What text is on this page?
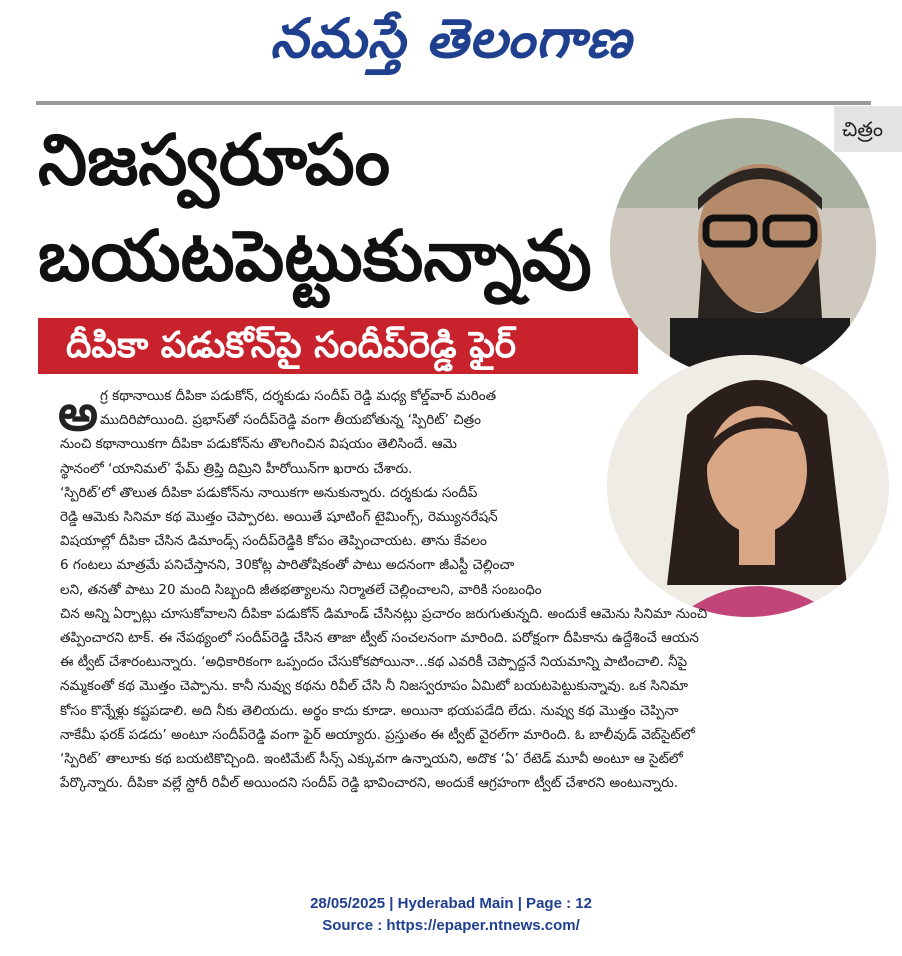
నమస్తే తెలంగాణ
చిత్రం
నిజస్వరూపం
బయటపెట్టుకున్నావు
దీపికా పడుకోన్‌పై సందీప్‌రెడ్డి ఫైర్
అ గ్ర కథానాయిక దీపికా పడుకోన్, దర్శకుడు సందీప్ రెడ్డి మధ్య కోల్డ్‌వార్ మరింత
ముదిరిపోయింది. ప్రభాస్‌తో సందీప్‌రెడ్డి వంగా తీయబోతున్న ‘స్పిరిట్’ చిత్రం
నుంచి కథానాయికగా దీపికా పడుకోన్‌ను తొలగించిన విషయం తెలిసిందే. ఆమె
స్థానంలో ‘యానిమల్’ ఫేమ్ త్రిప్తి దిమ్రిని హీరోయిన్‌గా ఖరారు చేశారు.
‘స్పిరిట్’లో తొలుత దీపికా పడుకోన్‌ను నాయికగా అనుకున్నారు. దర్శకుడు సందీప్
రెడ్డి ఆమెకు సినిమా కథ మొత్తం చెప్పారట. అయితే షూటింగ్ టైమింగ్స్, రెమ్యునరేషన్
విషయాల్లో దీపికా చేసిన డిమాండ్స్ సందీప్‌రెడ్డికి కోపం తెప్పించాయట. తాను కేవలం
6 గంటలు మాత్రమే పనిచేస్తానని, 30కోట్ల పారితోషికంతో పాటు అదనంగా జీఎస్టీ చెల్లించా
లని, తనతో పాటు 20 మంది సిబ్బంది జీతభత్యాలను నిర్మాతలే చెల్లించాలని, వారికి సంబంధిం
చిన అన్ని ఏర్పాట్లు చూసుకోవాలని దీపికా పడుకోన్ డిమాండ్ చేసినట్లు ప్రచారం జరుగుతున్నది. అందుకే ఆమెను సినిమా నుంచి
తప్పించారని టాక్. ఈ నేపథ్యంలో సందీప్‌రెడ్డి చేసిన తాజా ట్వీట్ సంచలనంగా మారింది. పరోక్షంగా దీపికాను ఉద్దేశించే ఆయన
ఈ ట్వీట్ చేశారంటున్నారు. ‘అధికారికంగా ఒప్పందం చేసుకోకపోయినా...కథ ఎవరికీ చెప్పొద్దనే నియమాన్ని పాటించాలి. నీపై
నమ్మకంతో కథ మొత్తం చెప్పాను. కానీ నువ్వు కథను రివీల్ చేసి నీ నిజస్వరూపం ఏమిటో బయటపెట్టుకున్నావు. ఒక సినిమా
కోసం కొన్నేళ్లు కష్టపడాలి. అది నీకు తెలియదు. అర్థం కాదు కూడా. అయినా భయపడేది లేదు. నువ్వు కథ మొత్తం చెప్పినా
నాకేమీ ఫరక్ పడదు’ అంటూ సందీప్‌రెడ్డి వంగా ఫైర్ అయ్యారు. ప్రస్తుతం ఈ ట్వీట్ వైరల్‌గా మారింది. ఓ బాలీవుడ్ వెబ్‌సైట్‌లో
‘స్పిరిట్’ తాలూకు కథ బయటికొచ్చింది. ఇంటిమేట్ సీన్స్ ఎక్కువగా ఉన్నాయని, అదొక ‘ఏ’ రేటెడ్ మూవీ అంటూ ఆ సైట్‌లో
పేర్కొన్నారు. దీపికా వల్లే స్టోరీ రివీల్ అయిందని సందీప్ రెడ్డి భావించారని, అందుకే ఆగ్రహంగా ట్వీట్ చేశారని అంటున్నారు.
28/05/2025 | Hyderabad Main | Page : 12
Source : https://epaper.ntnews.com/
